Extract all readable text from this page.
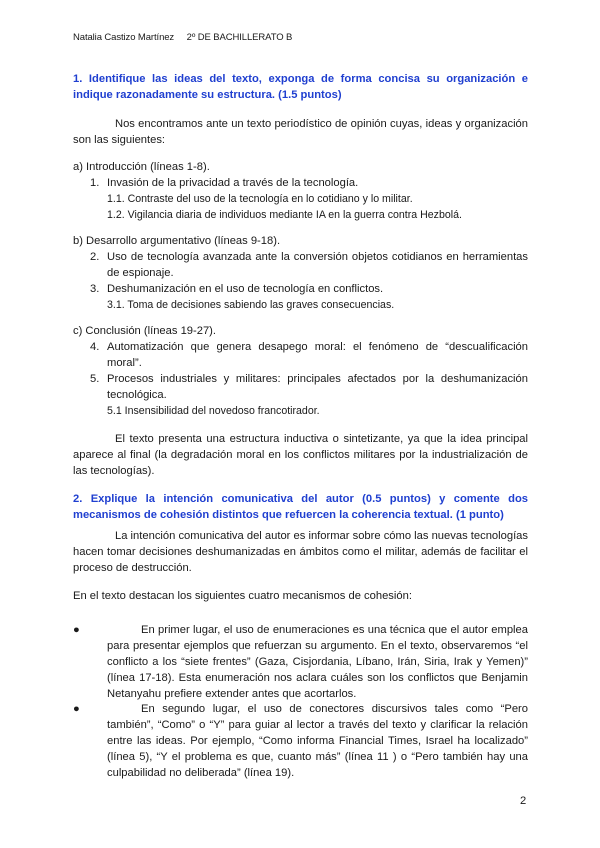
Natalia Castizo Martínez 2º DE BACHILLERATO B
1. Identifique las ideas del texto, exponga de forma concisa su organización e indique razonadamente su estructura. (1.5 puntos)
Nos encontramos ante un texto periodístico de opinión cuyas, ideas y organización son las siguientes:
a) Introducción (líneas 1-8).
1. Invasión de la privacidad a través de la tecnología.
1.1. Contraste del uso de la tecnología en lo cotidiano y lo militar.
1.2. Vigilancia diaria de individuos mediante IA en la guerra contra Hezbolá.
b) Desarrollo argumentativo (líneas 9-18).
2. Uso de tecnología avanzada ante la conversión objetos cotidianos en herramientas de espionaje.
3. Deshumanización en el uso de tecnología en conflictos.
3.1. Toma de decisiones sabiendo las graves consecuencias.
c) Conclusión (líneas 19-27).
4. Automatización que genera desapego moral: el fenómeno de “descualificación moral”.
5. Procesos industriales y militares: principales afectados por la deshumanización tecnológica.
5.1 Insensibilidad del novedoso francotirador.
El texto presenta una estructura inductiva o sintetizante, ya que la idea principal aparece al final (la degradación moral en los conflictos militares por la industrialización de las tecnologías).
2. Explique la intención comunicativa del autor (0.5 puntos) y comente dos mecanismos de cohesión distintos que refuercen la coherencia textual. (1 punto)
La intención comunicativa del autor es informar sobre cómo las nuevas tecnologías hacen tomar decisiones deshumanizadas en ámbitos como el militar, además de facilitar el proceso de destrucción.
En el texto destacan los siguientes cuatro mecanismos de cohesión:
●	En primer lugar, el uso de enumeraciones es una técnica que el autor emplea para presentar ejemplos que refuerzan su argumento. En el texto, observaremos “el conflicto a los “siete frentes” (Gaza, Cisjordania, Líbano, Irán, Siria, Irak y Yemen)” (línea 17-18). Esta enumeración nos aclara cuáles son los conflictos que Benjamin Netanyahu prefiere extender antes que acortarlos.
●	En segundo lugar, el uso de conectores discursivos tales como “Pero también”, “Como” o “Y” para guiar al lector a través del texto y clarificar la relación entre las ideas. Por ejemplo, “Como informa Financial Times, Israel ha localizado” (línea 5), “Y el problema es que, cuanto más” (línea 11 ) o “Pero también hay una culpabilidad no deliberada” (línea 19).
2
